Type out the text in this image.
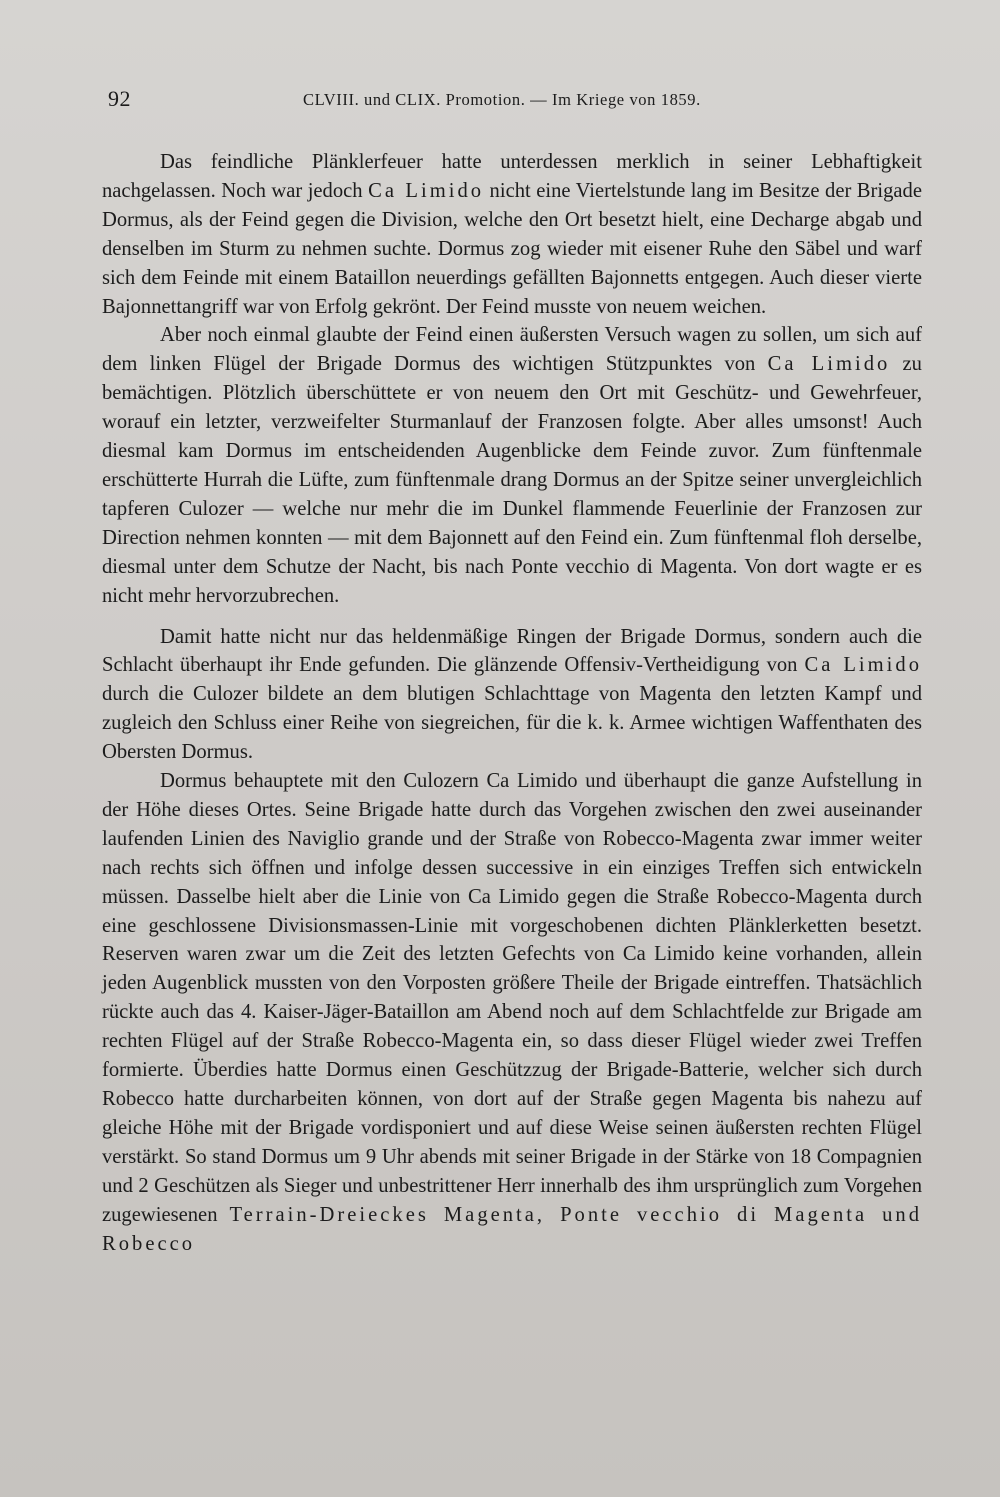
92	CLVIII. und CLIX. Promotion. — Im Kriege von 1859.

Das feindliche Plänklerfeuer hatte unterdessen merklich in seiner Lebhaftigkeit nachgelassen. Noch war jedoch Ca Limido nicht eine Viertelstunde lang im Besitze der Brigade Dormus, als der Feind gegen die Division, welche den Ort besetzt hielt, eine Decharge abgab und denselben im Sturm zu nehmen suchte. Dormus zog wieder mit eisener Ruhe den Säbel und warf sich dem Feinde mit einem Bataillon neuerdings gefällten Bajonnetts entgegen. Auch dieser vierte Bajonnettangriff war von Erfolg gekrönt. Der Feind musste von neuem weichen.

Aber noch einmal glaubte der Feind einen äußersten Versuch wagen zu sollen, um sich auf dem linken Flügel der Brigade Dormus des wichtigen Stützpunktes von Ca Limido zu bemächtigen. Plötzlich überschüttete er von neuem den Ort mit Geschütz- und Gewehrfeuer, worauf ein letzter, verzweifelter Sturmanlauf der Franzosen folgte. Aber alles umsonst! Auch diesmal kam Dormus im entscheidenden Augenblicke dem Feinde zuvor. Zum fünftenmale erschütterte Hurrah die Lüfte, zum fünftenmale drang Dormus an der Spitze seiner unvergleichlich tapferen Culozer — welche nur mehr die im Dunkel flammende Feuerlinie der Franzosen zur Direction nehmen konnten — mit dem Bajonnett auf den Feind ein. Zum fünftenmal floh derselbe, diesmal unter dem Schutze der Nacht, bis nach Ponte vecchio di Magenta. Von dort wagte er es nicht mehr hervorzubrechen.

Damit hatte nicht nur das heldenmäßige Ringen der Brigade Dormus, sondern auch die Schlacht überhaupt ihr Ende gefunden. Die glänzende Offensiv-Vertheidigung von Ca Limido durch die Culozer bildete an dem blutigen Schlachttage von Magenta den letzten Kampf und zugleich den Schluss einer Reihe von siegreichen, für die k. k. Armee wichtigen Waffenthaten des Obersten Dormus.

Dormus behauptete mit den Culozern Ca Limido und überhaupt die ganze Aufstellung in der Höhe dieses Ortes. Seine Brigade hatte durch das Vorgehen zwischen den zwei auseinander laufenden Linien des Naviglio grande und der Straße von Robecco-Magenta zwar immer weiter nach rechts sich öffnen und infolge dessen successive in ein einziges Treffen sich entwickeln müssen. Dasselbe hielt aber die Linie von Ca Limido gegen die Straße Robecco-Magenta durch eine geschlossene Divisionsmassen-Linie mit vorgeschobenen dichten Plänklerketten besetzt. Reserven waren zwar um die Zeit des letzten Gefechts von Ca Limido keine vorhanden, allein jeden Augenblick mussten von den Vorposten größere Theile der Brigade eintreffen. Thatsächlich rückte auch das 4. Kaiser-Jäger-Bataillon am Abend noch auf dem Schlachtfelde zur Brigade am rechten Flügel auf der Straße Robecco-Magenta ein, so dass dieser Flügel wieder zwei Treffen formierte. Überdies hatte Dormus einen Geschützzug der Brigade-Batterie, welcher sich durch Robecco hatte durcharbeiten können, von dort auf der Straße gegen Magenta bis nahezu auf gleiche Höhe mit der Brigade vordisponiert und auf diese Weise seinen äußersten rechten Flügel verstärkt. So stand Dormus um 9 Uhr abends mit seiner Brigade in der Stärke von 18 Compagnien und 2 Geschützen als Sieger und unbestrittener Herr innerhalb des ihm ursprünglich zum Vorgehen zugewiesenen Terrain-Dreieckes Magenta, Ponte vecchio di Magenta und Robecco
